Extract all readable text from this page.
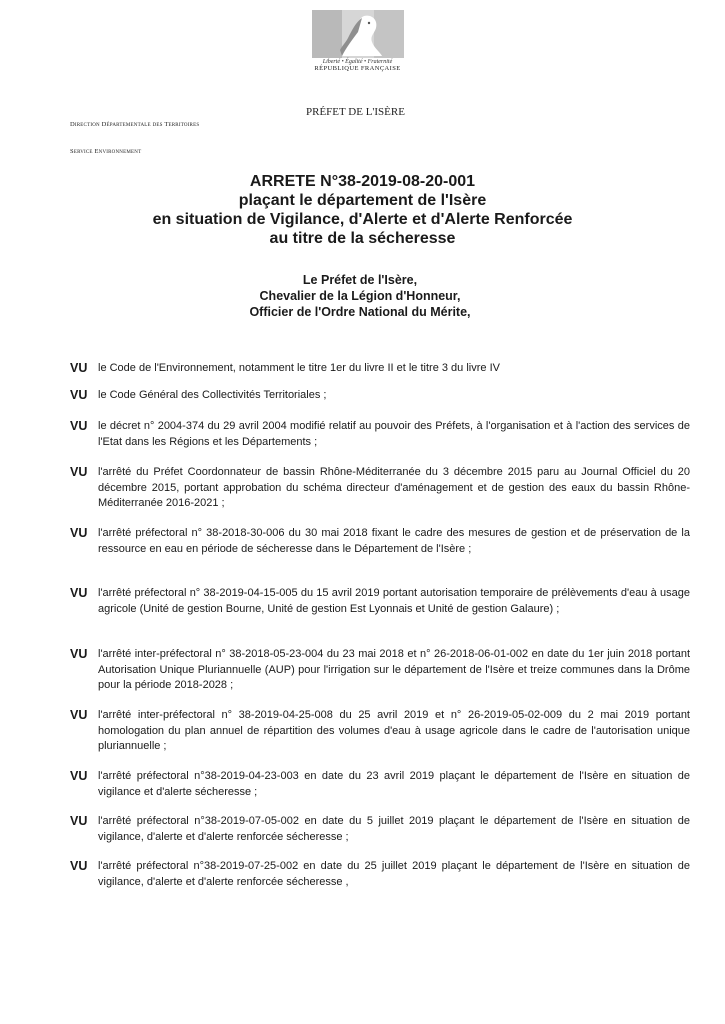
Liberté • Égalité • Fraternité
RÉPUBLIQUE FRANÇAISE
PRÉFET DE L'ISÈRE
Direction Départementale des Territoires
Service Environnement
ARRETE N°38-2019-08-20-001
plaçant le département de l'Isère
en situation de Vigilance, d'Alerte et d'Alerte Renforcée
au titre de la sécheresse
Le Préfet de l'Isère,
Chevalier de la Légion d'Honneur,
Officier de l'Ordre National du Mérite,
VU le Code de l'Environnement, notamment le titre 1er du livre II et le titre 3 du livre IV
VU le Code Général des Collectivités Territoriales ;
VU le décret n° 2004-374 du 29 avril 2004 modifié relatif au pouvoir des Préfets, à l'organisation et à l'action des services de l'Etat dans les Régions et les Départements ;
VU l'arrêté du Préfet Coordonnateur de bassin Rhône-Méditerranée du 3 décembre 2015 paru au Journal Officiel du 20 décembre 2015, portant approbation du schéma directeur d'aménagement et de gestion des eaux du bassin Rhône-Méditerranée 2016-2021 ;
VU l'arrêté préfectoral n° 38-2018-30-006 du 30 mai 2018 fixant le cadre des mesures de gestion et de préservation de la ressource en eau en période de sécheresse dans le Département de l'Isère ;
VU l'arrêté préfectoral n° 38-2019-04-15-005 du 15 avril 2019 portant autorisation temporaire de prélèvements d'eau à usage agricole (Unité de gestion Bourne, Unité de gestion Est Lyonnais et Unité de gestion Galaure) ;
VU l'arrêté inter-préfectoral n° 38-2018-05-23-004 du 23 mai 2018 et n° 26-2018-06-01-002 en date du 1er juin 2018 portant Autorisation Unique Pluriannuelle (AUP) pour l'irrigation sur le département de l'Isère et treize communes dans la Drôme pour la période 2018-2028 ;
VU l'arrêté inter-préfectoral n° 38-2019-04-25-008 du 25 avril 2019 et n° 26-2019-05-02-009 du 2 mai 2019 portant homologation du plan annuel de répartition des volumes d'eau à usage agricole dans le cadre de l'autorisation unique pluriannuelle ;
VU l'arrêté préfectoral n°38-2019-04-23-003 en date du 23 avril 2019 plaçant le département de l'Isère en situation de vigilance et d'alerte sécheresse ;
VU l'arrêté préfectoral n°38-2019-07-05-002 en date du 5 juillet 2019 plaçant le département de l'Isère en situation de vigilance, d'alerte et d'alerte renforcée sécheresse ;
VU l'arrêté préfectoral n°38-2019-07-25-002 en date du 25 juillet 2019 plaçant le département de l'Isère en situation de vigilance, d'alerte et d'alerte renforcée sécheresse ,
